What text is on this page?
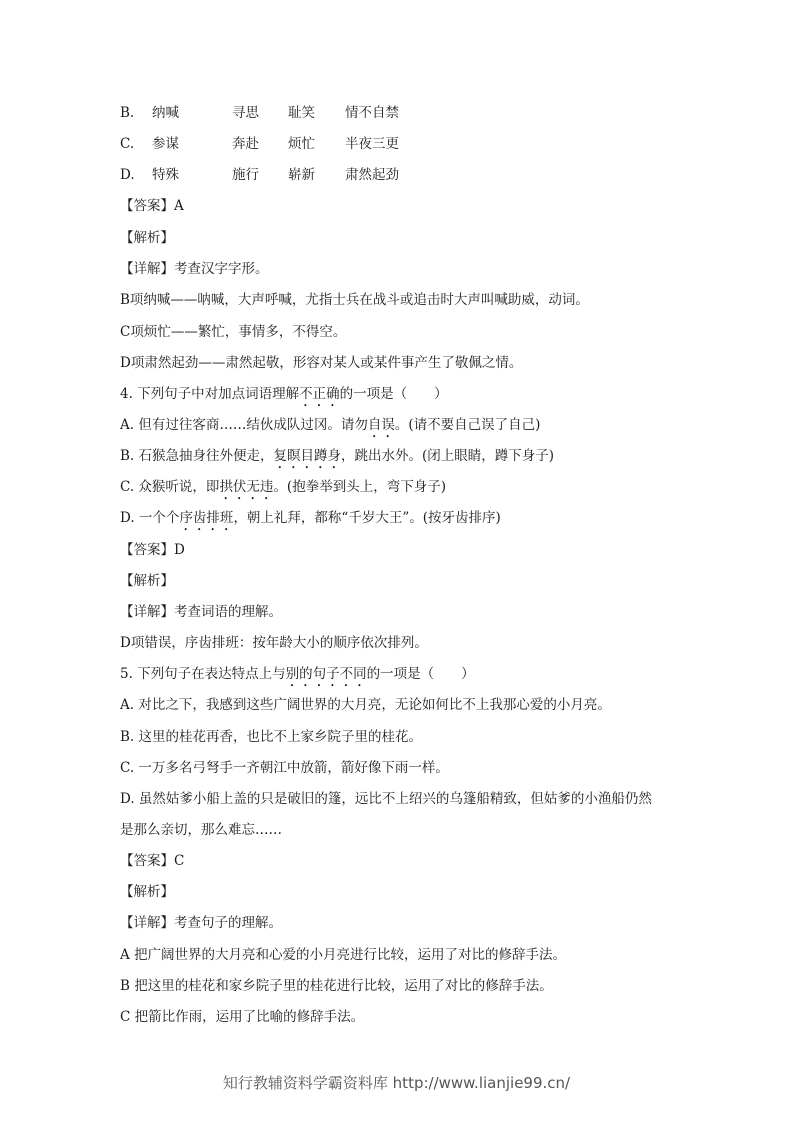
B. 纳喊	寻思 耻笑 情不自禁
C. 参谋	奔赴 烦忙 半夜三更
D. 特殊	施行 崭新 肃然起劲
【答案】A
【解析】
【详解】考查汉字字形。
B项纳喊——呐喊，大声呼喊，尤指士兵在战斗或追击时大声叫喊助威，动词。
C项烦忙——繁忙，事情多，不得空。
D项肃然起劲——肃然起敬，形容对某人或某件事产生了敬佩之情。
4. 下列句子中对加点词语理解不正确的一项是（　　）
A. 但有过往客商……结伙成队过冈。请勿自误。(请不要自己误了自己)
B. 石猴急抽身往外便走，复瞑目蹲身，跳出水外。(闭上眼睛，蹲下身子)
C. 众猴听说，即拱伏无违。(抱拳举到头上，弯下身子)
D. 一个个序齿排班，朝上礼拜，都称“千岁大王”。(按牙齿排序)
【答案】D
【解析】
【详解】考查词语的理解。
D项错误，序齿排班：按年龄大小的顺序依次排列。
5. 下列句子在表达特点上与别的句子不同的一项是（　　）
A. 对比之下，我感到这些广阔世界的大月亮，无论如何比不上我那心爱的小月亮。
B. 这里的桂花再香，也比不上家乡院子里的桂花。
C. 一万多名弓弩手一齐朝江中放箭，箭好像下雨一样。
D. 虽然姑爹小船上盖的只是破旧的篷，远比不上绍兴的乌篷船精致，但姑爹的小渔船仍然
是那么亲切，那么难忘……
【答案】C
【解析】
【详解】考查句子的理解。
A 把广阔世界的大月亮和心爱的小月亮进行比较，运用了对比的修辞手法。
B 把这里的桂花和家乡院子里的桂花进行比较，运用了对比的修辞手法。
C 把箭比作雨，运用了比喻的修辞手法。
知行教辅资料学霸资料库 http://www.lianjie99.cn/
